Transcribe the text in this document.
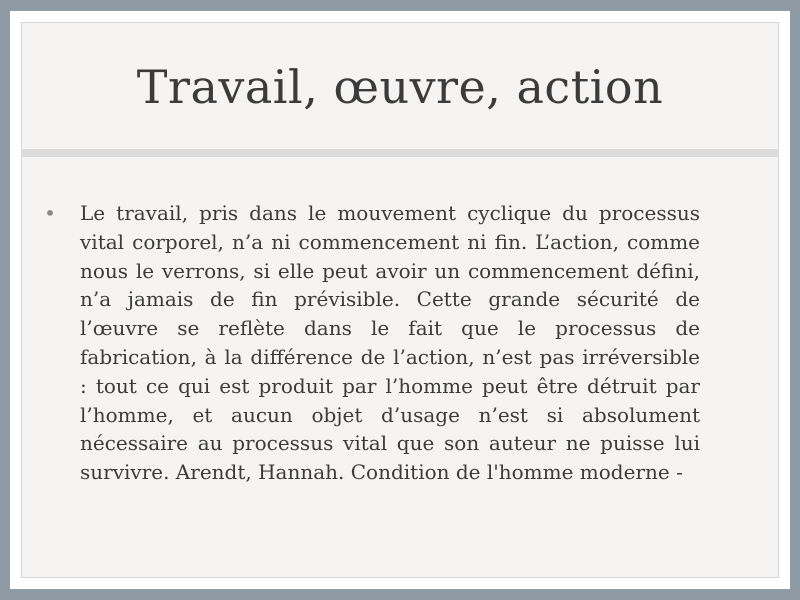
Travail, œuvre, action
• Le travail, pris dans le mouvement cyclique du processus vital corporel, n’a ni commencement ni fin. L’action, comme nous le verrons, si elle peut avoir un commencement défini, n’a jamais de fin prévisible. Cette grande sécurité de l’œuvre se reflète dans le fait que le processus de fabrication, à la différence de l’action, n’est pas irréversible : tout ce qui est produit par l’homme peut être détruit par l’homme, et aucun objet d’usage n’est si absolument nécessaire au processus vital que son auteur ne puisse lui survivre. Arendt, Hannah. Condition de l'homme moderne -
